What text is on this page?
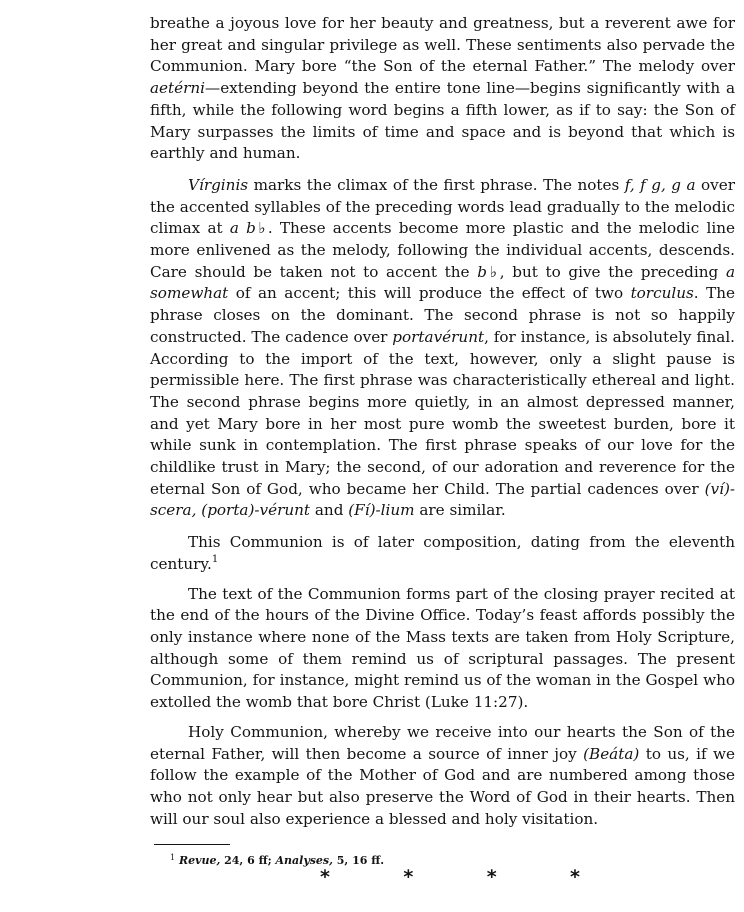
breathe a joyous love for her beauty and greatness, but a reverent awe for her great and singular privilege as well. These sentiments also pervade the Communion. Mary bore “the Son of the eternal Father.” The melody over aetérni—extending beyond the entire tone line—begins significantly with a fifth, while the following word begins a fifth lower, as if to say: the Son of Mary surpasses the limits of time and space and is beyond that which is earthly and human.

Vírginis marks the climax of the first phrase. The notes f, f g, g a over the accented syllables of the preceding words lead gradually to the melodic climax at a b♭. These accents become more plastic and the melodic line more enlivened as the melody, following the individual accents, descends. Care should be taken not to accent the b♭, but to give the preceding a somewhat of an accent; this will produce the effect of two torculus. The phrase closes on the dominant. The second phrase is not so happily constructed. The cadence over portavérunt, for instance, is absolutely final. According to the import of the text, however, only a slight pause is permissible here. The first phrase was characteristically ethereal and light. The second phrase begins more quietly, in an almost depressed manner, and yet Mary bore in her most pure womb the sweetest burden, bore it while sunk in contemplation. The first phrase speaks of our love for the childlike trust in Mary; the second, of our adoration and reverence for the eternal Son of God, who became her Child. The partial cadences over (ví)-scera, (porta)-vérunt and (Fí)-lium are similar.

This Communion is of later composition, dating from the eleventh century.$^1$

The text of the Communion forms part of the closing prayer recited at the end of the hours of the Divine Office. Today’s feast affords possibly the only instance where none of the Mass texts are taken from Holy Scripture, although some of them remind us of scriptural passages. The present Communion, for instance, might remind us of the woman in the Gospel who extolled the womb that bore Christ (Luke 11:27).

Holy Communion, whereby we receive into our hearts the Son of the eternal Father, will then become a source of inner joy (Beáta) to us, if we follow the example of the Mother of God and are numbered among those who not only hear but also preserve the Word of God in their hearts. Then will our soul also experience a blessed and holy visitation.

$^1$ Revue, 24, 6 ff; Analyses, 5, 16 ff.

*	*	*	*
